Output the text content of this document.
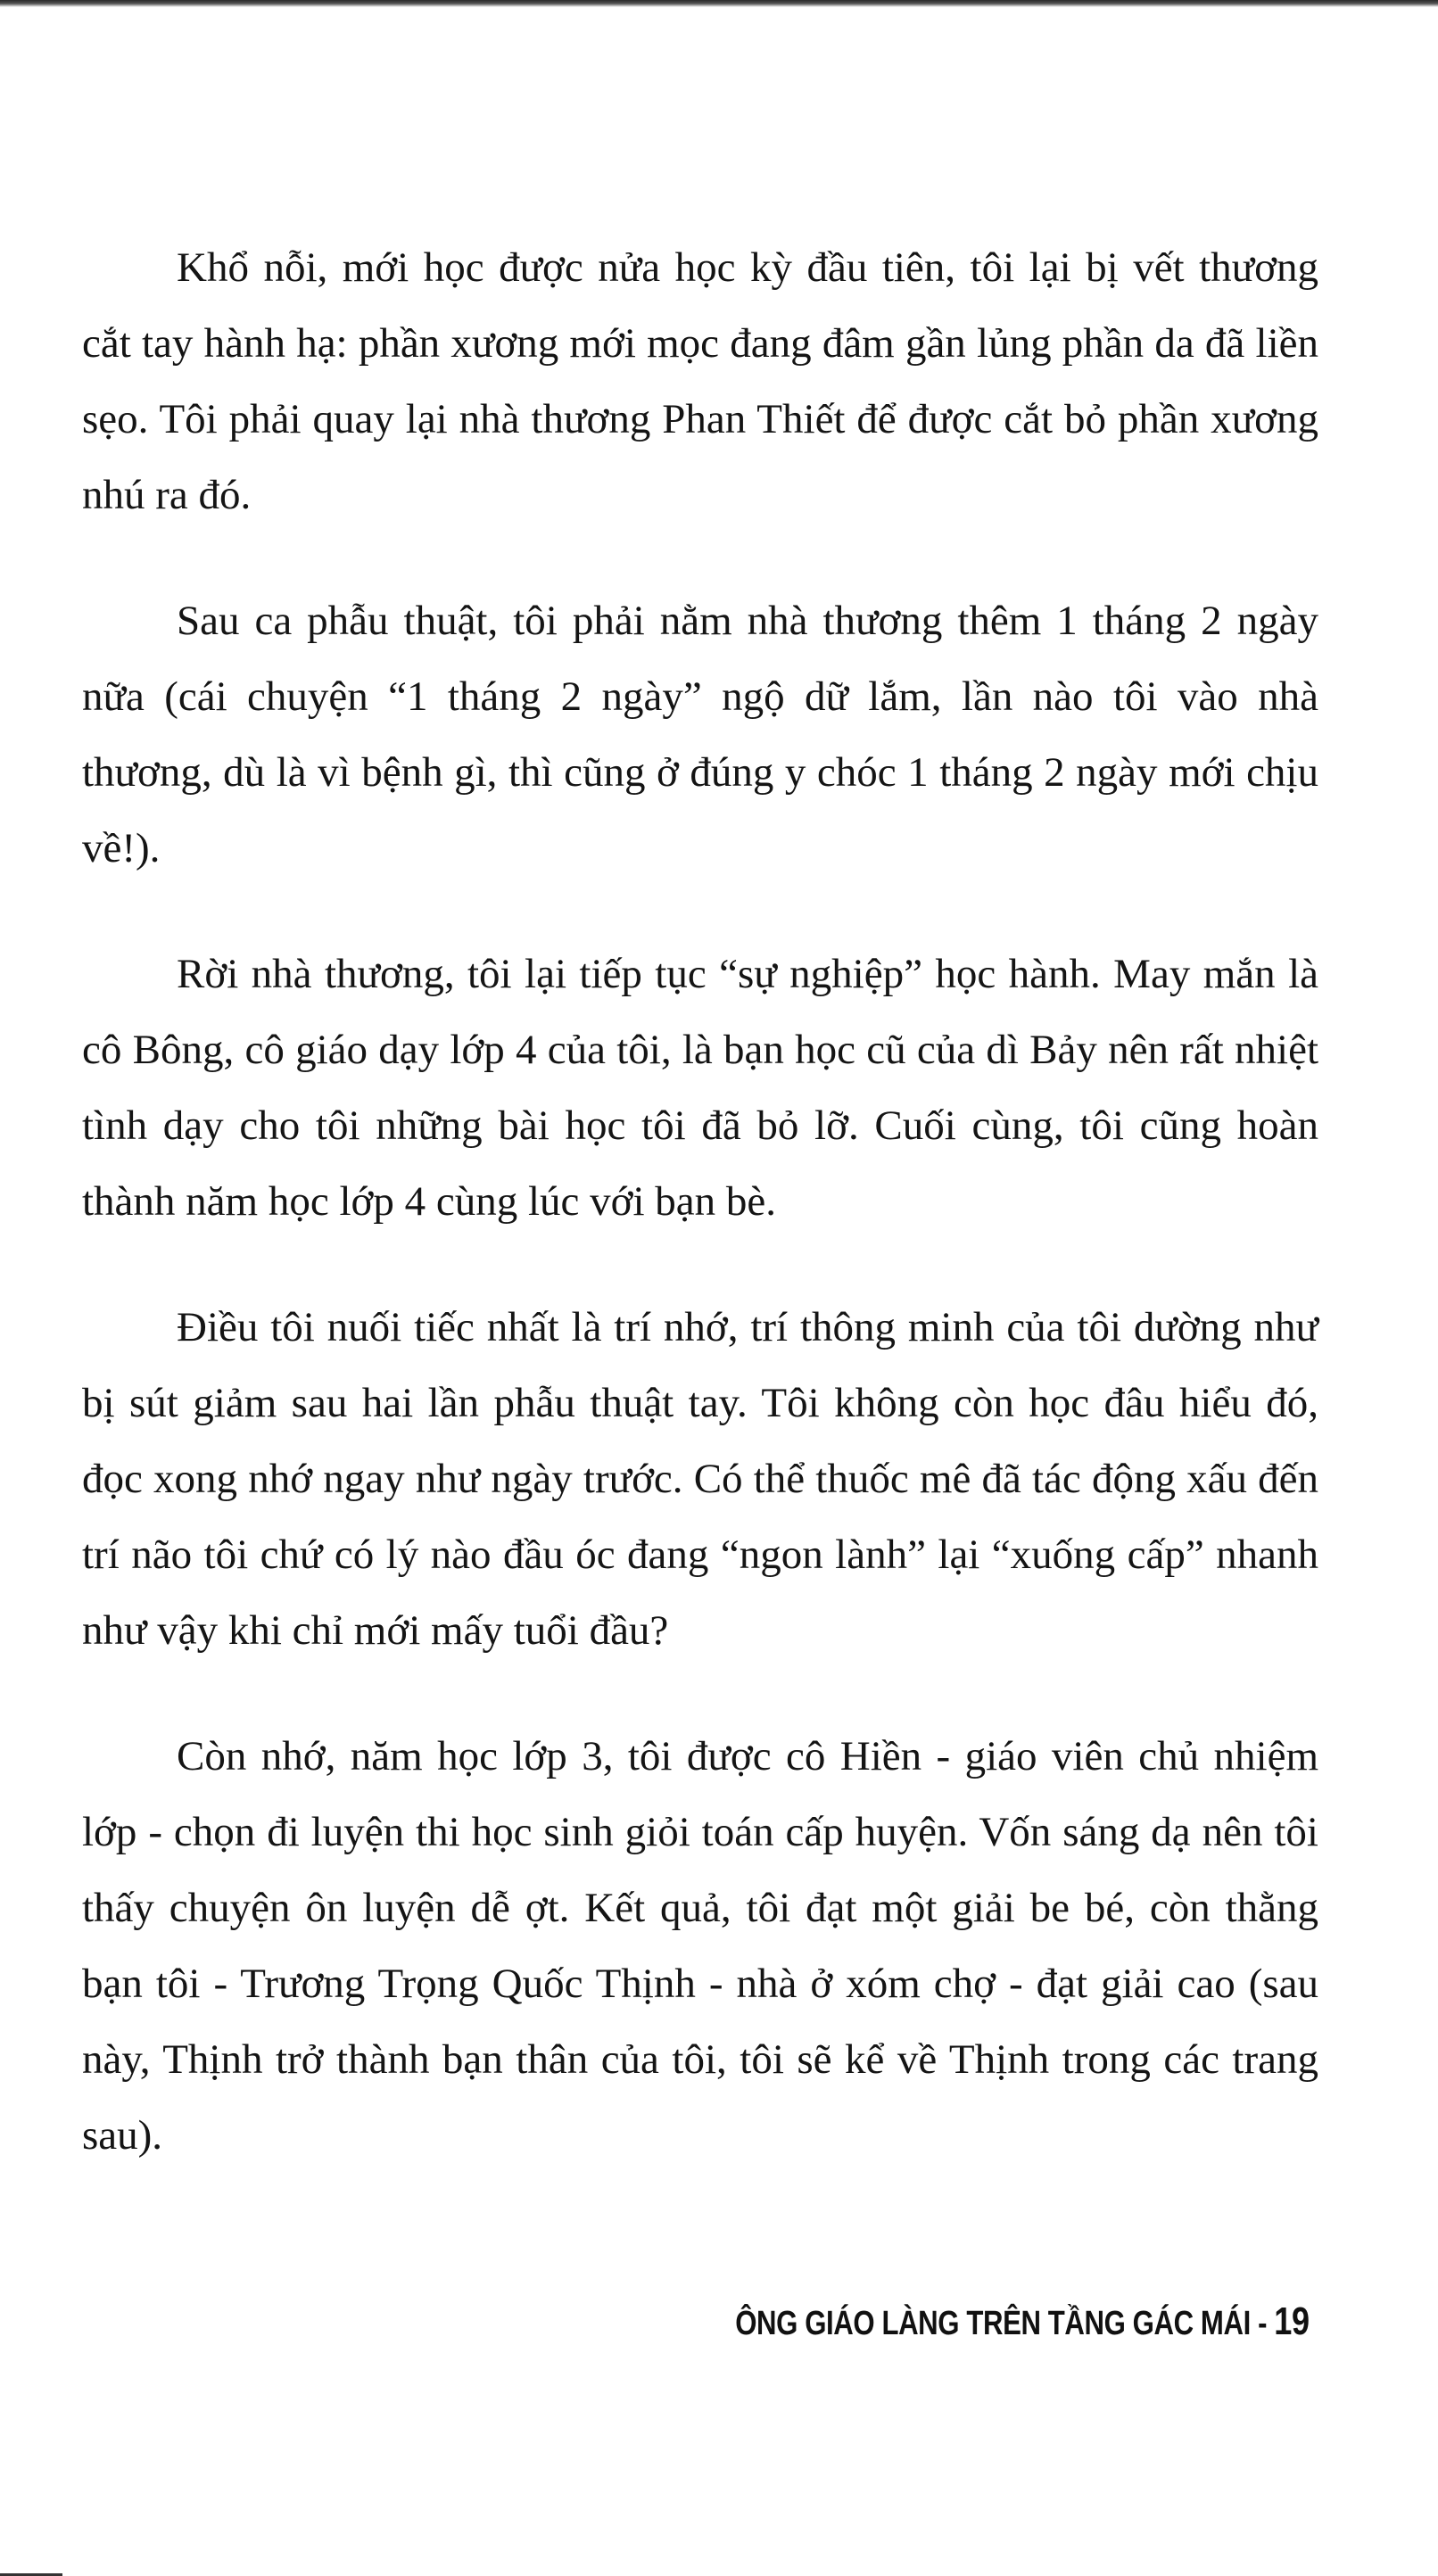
Khổ nỗi, mới học được nửa học kỳ đầu tiên, tôi lại bị vết thương cắt tay hành hạ: phần xương mới mọc đang đâm gần lủng phần da đã liền sẹo. Tôi phải quay lại nhà thương Phan Thiết để được cắt bỏ phần xương nhú ra đó.

Sau ca phẫu thuật, tôi phải nằm nhà thương thêm 1 tháng 2 ngày nữa (cái chuyện “1 tháng 2 ngày” ngộ dữ lắm, lần nào tôi vào nhà thương, dù là vì bệnh gì, thì cũng ở đúng y chóc 1 tháng 2 ngày mới chịu về!).

Rời nhà thương, tôi lại tiếp tục “sự nghiệp” học hành. May mắn là cô Bông, cô giáo dạy lớp 4 của tôi, là bạn học cũ của dì Bảy nên rất nhiệt tình dạy cho tôi những bài học tôi đã bỏ lỡ. Cuối cùng, tôi cũng hoàn thành năm học lớp 4 cùng lúc với bạn bè.

Điều tôi nuối tiếc nhất là trí nhớ, trí thông minh của tôi dường như bị sút giảm sau hai lần phẫu thuật tay. Tôi không còn học đâu hiểu đó, đọc xong nhớ ngay như ngày trước. Có thể thuốc mê đã tác động xấu đến trí não tôi chứ có lý nào đầu óc đang “ngon lành” lại “xuống cấp” nhanh như vậy khi chỉ mới mấy tuổi đầu?

Còn nhớ, năm học lớp 3, tôi được cô Hiền - giáo viên chủ nhiệm lớp - chọn đi luyện thi học sinh giỏi toán cấp huyện. Vốn sáng dạ nên tôi thấy chuyện ôn luyện dễ ợt. Kết quả, tôi đạt một giải be bé, còn thằng bạn tôi - Trương Trọng Quốc Thịnh - nhà ở xóm chợ - đạt giải cao (sau này, Thịnh trở thành bạn thân của tôi, tôi sẽ kể về Thịnh trong các trang sau).

ÔNG GIÁO LÀNG TRÊN TẦNG GÁC MÁI - 19
